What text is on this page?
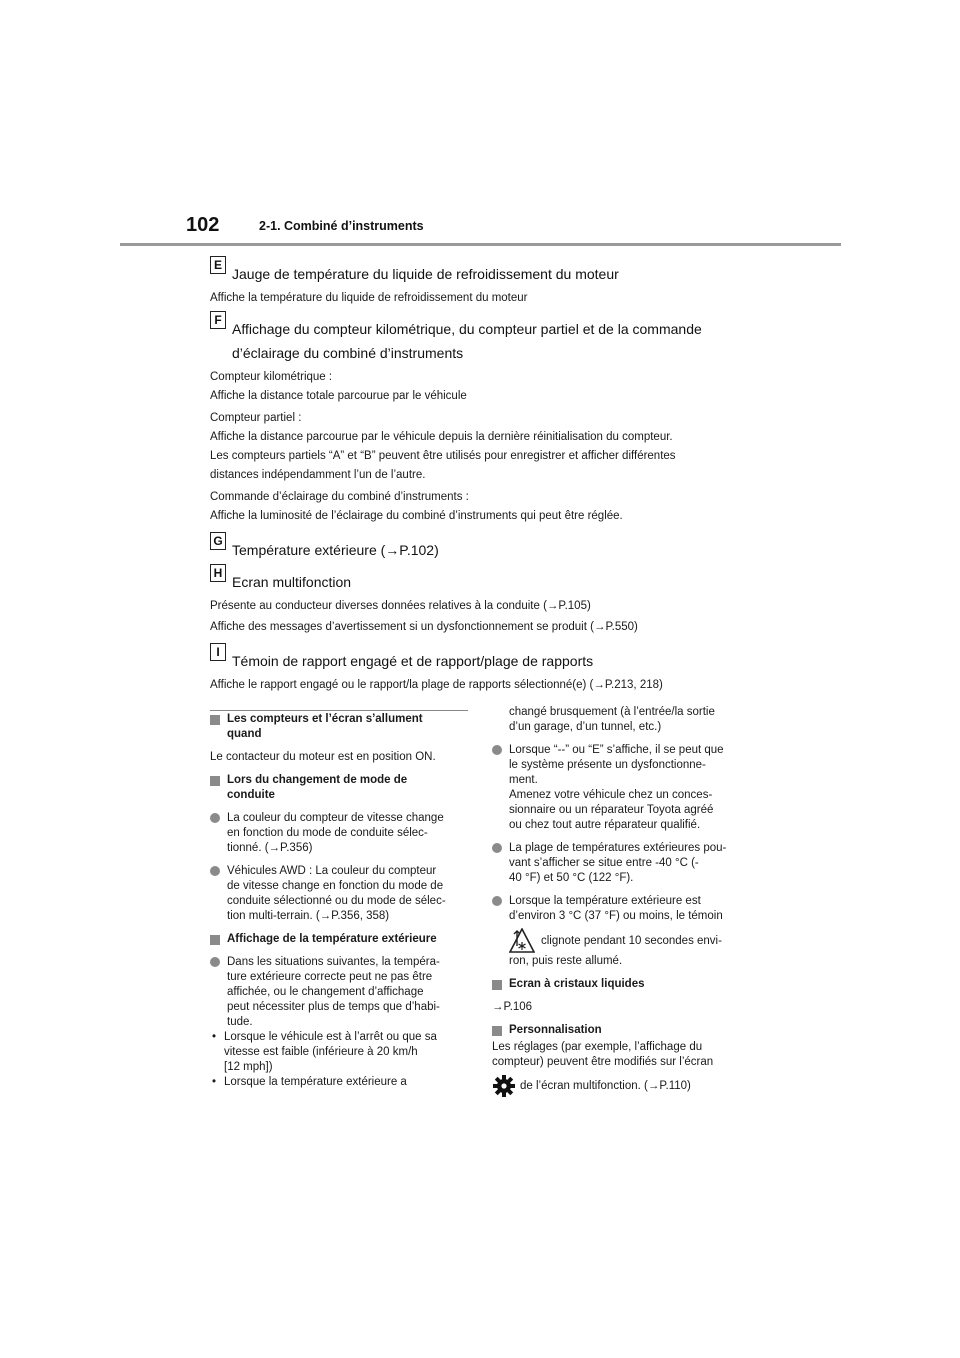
102	2-1. Combiné d’instruments
E
Jauge de température du liquide de refroidissement du moteur

Affiche la température du liquide de refroidissement du moteur

F
Affichage du compteur kilométrique, du compteur partiel et de la commande
d’éclairage du combiné d’instruments

Compteur kilométrique :

Affiche la distance totale parcourue par le véhicule

Compteur partiel :

Affiche la distance parcourue par le véhicule depuis la dernière réinitialisation du compteur.

Les compteurs partiels “A” et “B” peuvent être utilisés pour enregistrer et afficher différentes

distances indépendamment l’un de l’autre.

Commande d’éclairage du combiné d’instruments :

Affiche la luminosité de l’éclairage du combiné d’instruments qui peut être réglée.

G
Température extérieure (→P.102)
H
Ecran multifonction

Présente au conducteur diverses données relatives à la conduite (→P.105)

Affiche des messages d’avertissement si un dysfonctionnement se produit (→P.550)

I
Témoin de rapport engagé et de rapport/plage de rapports

Affiche le rapport engagé ou le rapport/la plage de rapports sélectionné(e) (→P.213, 218)

Les compteurs et l’écran s’allument
quand
Le contacteur du moteur est en position ON.
Lors du changement de mode de
conduite
La couleur du compteur de vitesse change
en fonction du mode de conduite sélec-
tionné. (→P.356)
Véhicules AWD : La couleur du compteur
de vitesse change en fonction du mode de
conduite sélectionné ou du mode de sélec-
tion multi-terrain. (→P.356, 358)
Affichage de la température extérieure
Dans les situations suivantes, la tempéra-
ture extérieure correcte peut ne pas être
affichée, ou le changement d’affichage
peut nécessiter plus de temps que d’habi-
tude.
• Lorsque le véhicule est à l’arrêt ou que sa
vitesse est faible (inférieure à 20 km/h
[12 mph])
• Lorsque la température extérieure a
changé brusquement (à l’entrée/la sortie
d’un garage, d’un tunnel, etc.)
Lorsque “--” ou “E” s’affiche, il se peut que
le système présente un dysfonctionne-
ment.
Amenez votre véhicule chez un conces-
sionnaire ou un réparateur Toyota agréé
ou chez tout autre réparateur qualifié.
La plage de températures extérieures pou-
vant s’afficher se situe entre -40 °C (-
40 °F) et 50 °C (122 °F).
Lorsque la température extérieure est
d’environ 3 °C (37 °F) ou moins, le témoin
clignote pendant 10 secondes envi-
ron, puis reste allumé.
Ecran à cristaux liquides
→P.106
Personnalisation
Les réglages (par exemple, l’affichage du
compteur) peuvent être modifiés sur l’écran
de l’écran multifonction. (→P.110)
